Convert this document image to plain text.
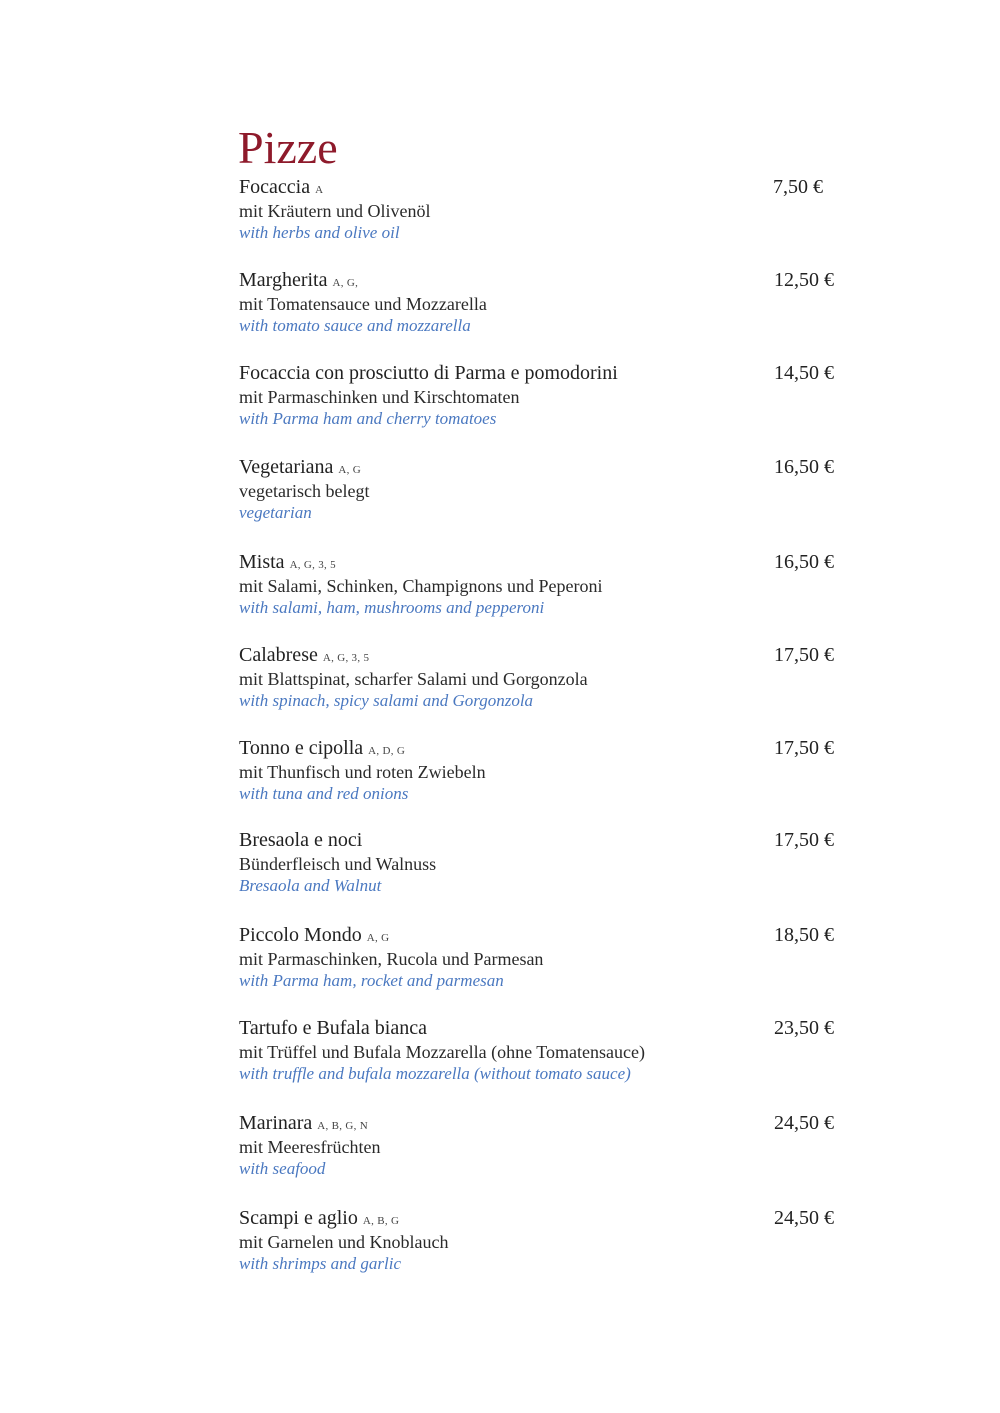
Pizze
Focaccia A	7,50 €
mit Kräutern und Olivenöl
with herbs and olive oil
Margherita A, G,	12,50 €
mit Tomatensauce und Mozzarella
with tomato sauce and mozzarella
Focaccia con prosciutto di Parma e pomodorini	14,50 €
mit Parmaschinken und Kirschtomaten
with Parma ham and cherry tomatoes
Vegetariana A, G	16,50 €
vegetarisch belegt
vegetarian
Mista A, G, 3, 5	16,50 €
mit Salami, Schinken, Champignons und Peperoni
with salami, ham, mushrooms and pepperoni
Calabrese A, G, 3, 5	17,50 €
mit Blattspinat, scharfer Salami und Gorgonzola
with spinach, spicy salami and Gorgonzola
Tonno e cipolla A, D, G	17,50 €
mit Thunfisch und roten Zwiebeln
with tuna and red onions
Bresaola e noci	17,50 €
Bünderfleisch und Walnuss
Bresaola and Walnut
Piccolo Mondo A, G	18,50 €
mit Parmaschinken, Rucola und Parmesan
with Parma ham, rocket and parmesan
Tartufo e Bufala bianca	23,50 €
mit Trüffel und Bufala Mozzarella (ohne Tomatensauce)
with truffle and bufala mozzarella (without tomato sauce)
Marinara A, B, G, N	24,50 €
mit Meeresfrüchten
with seafood
Scampi e aglio A, B, G	24,50 €
mit Garnelen und Knoblauch
with shrimps and garlic
